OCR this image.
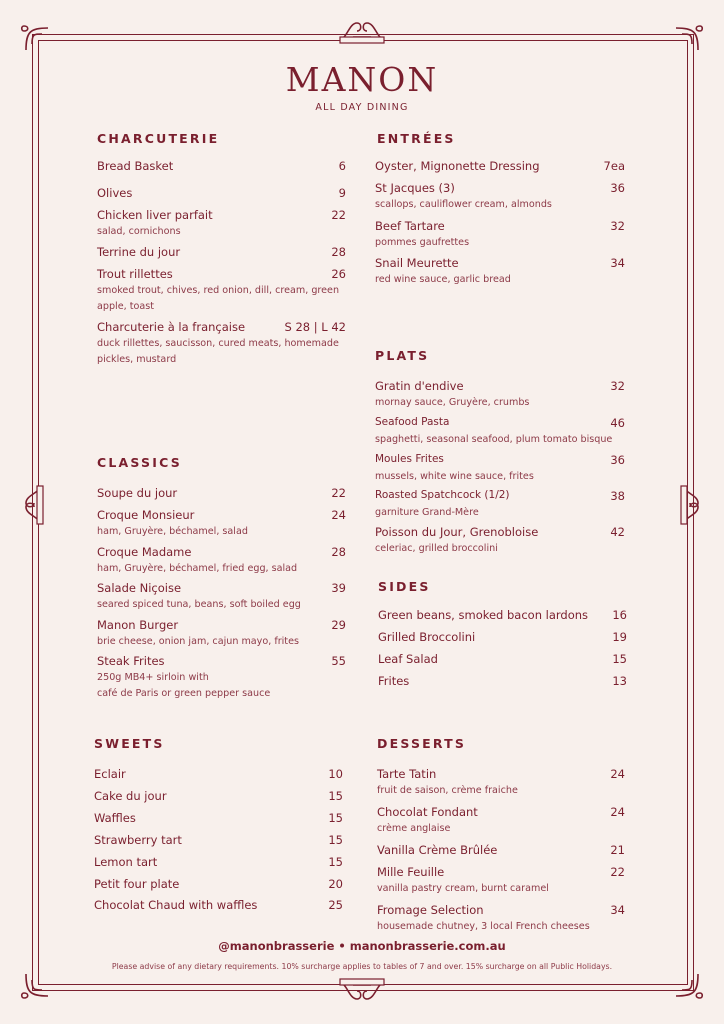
MANON
ALL DAY DINING
CHARCUTERIE
Bread Basket	6
Olives	9
Chicken liver parfait	22
salad, cornichons
Terrine du jour	28
Trout rillettes	26
smoked trout, chives, red onion, dill, cream, green
apple, toast
Charcuterie à la française	S 28 | L 42
duck rillettes, saucisson, cured meats, homemade
pickles, mustard
ENTRÉES
Oyster, Mignonette Dressing	7ea
St Jacques (3)	36
scallops, cauliflower cream, almonds
Beef Tartare	32
pommes gaufrettes
Snail Meurette	34
red wine sauce, garlic bread
PLATS
Gratin d'endive	32
mornay sauce, Gruyère, crumbs
Seafood Pasta	46
spaghetti, seasonal seafood, plum tomato bisque
Moules Frites	36
mussels, white wine sauce, frites
Roasted Spatchcock (1/2)	38
garniture Grand-Mère
Poisson du Jour, Grenobloise	42
celeriac, grilled broccolini
CLASSICS
Soupe du jour	22
Croque Monsieur	24
ham, Gruyère, béchamel, salad
Croque Madame	28
ham, Gruyère, béchamel, fried egg, salad
Salade Niçoise	39
seared spiced tuna, beans, soft boiled egg
Manon Burger	29
brie cheese, onion jam, cajun mayo, frites
Steak Frites	55
250g MB4+ sirloin with
café de Paris or green pepper sauce
SIDES
Green beans, smoked bacon lardons 16
Grilled Broccolini	19
Leaf Salad	15
Frites	13
SWEETS
Eclair	10
Cake du jour	15
Waffles	15
Strawberry tart	15
Lemon tart	15
Petit four plate	20
Chocolat Chaud with waffles	25
DESSERTS
Tarte Tatin	24
fruit de saison, crème fraiche
Chocolat Fondant	24
crème anglaise
Vanilla Crème Brûlée	21
Mille Feuille	22
vanilla pastry cream, burnt caramel
Fromage Selection	34
housemade chutney, 3 local French cheeses
@manonbrasserie • manonbrasserie.com.au
Please advise of any dietary requirements. 10% surcharge applies to tables of 7 and over. 15% surcharge on all Public Holidays.
